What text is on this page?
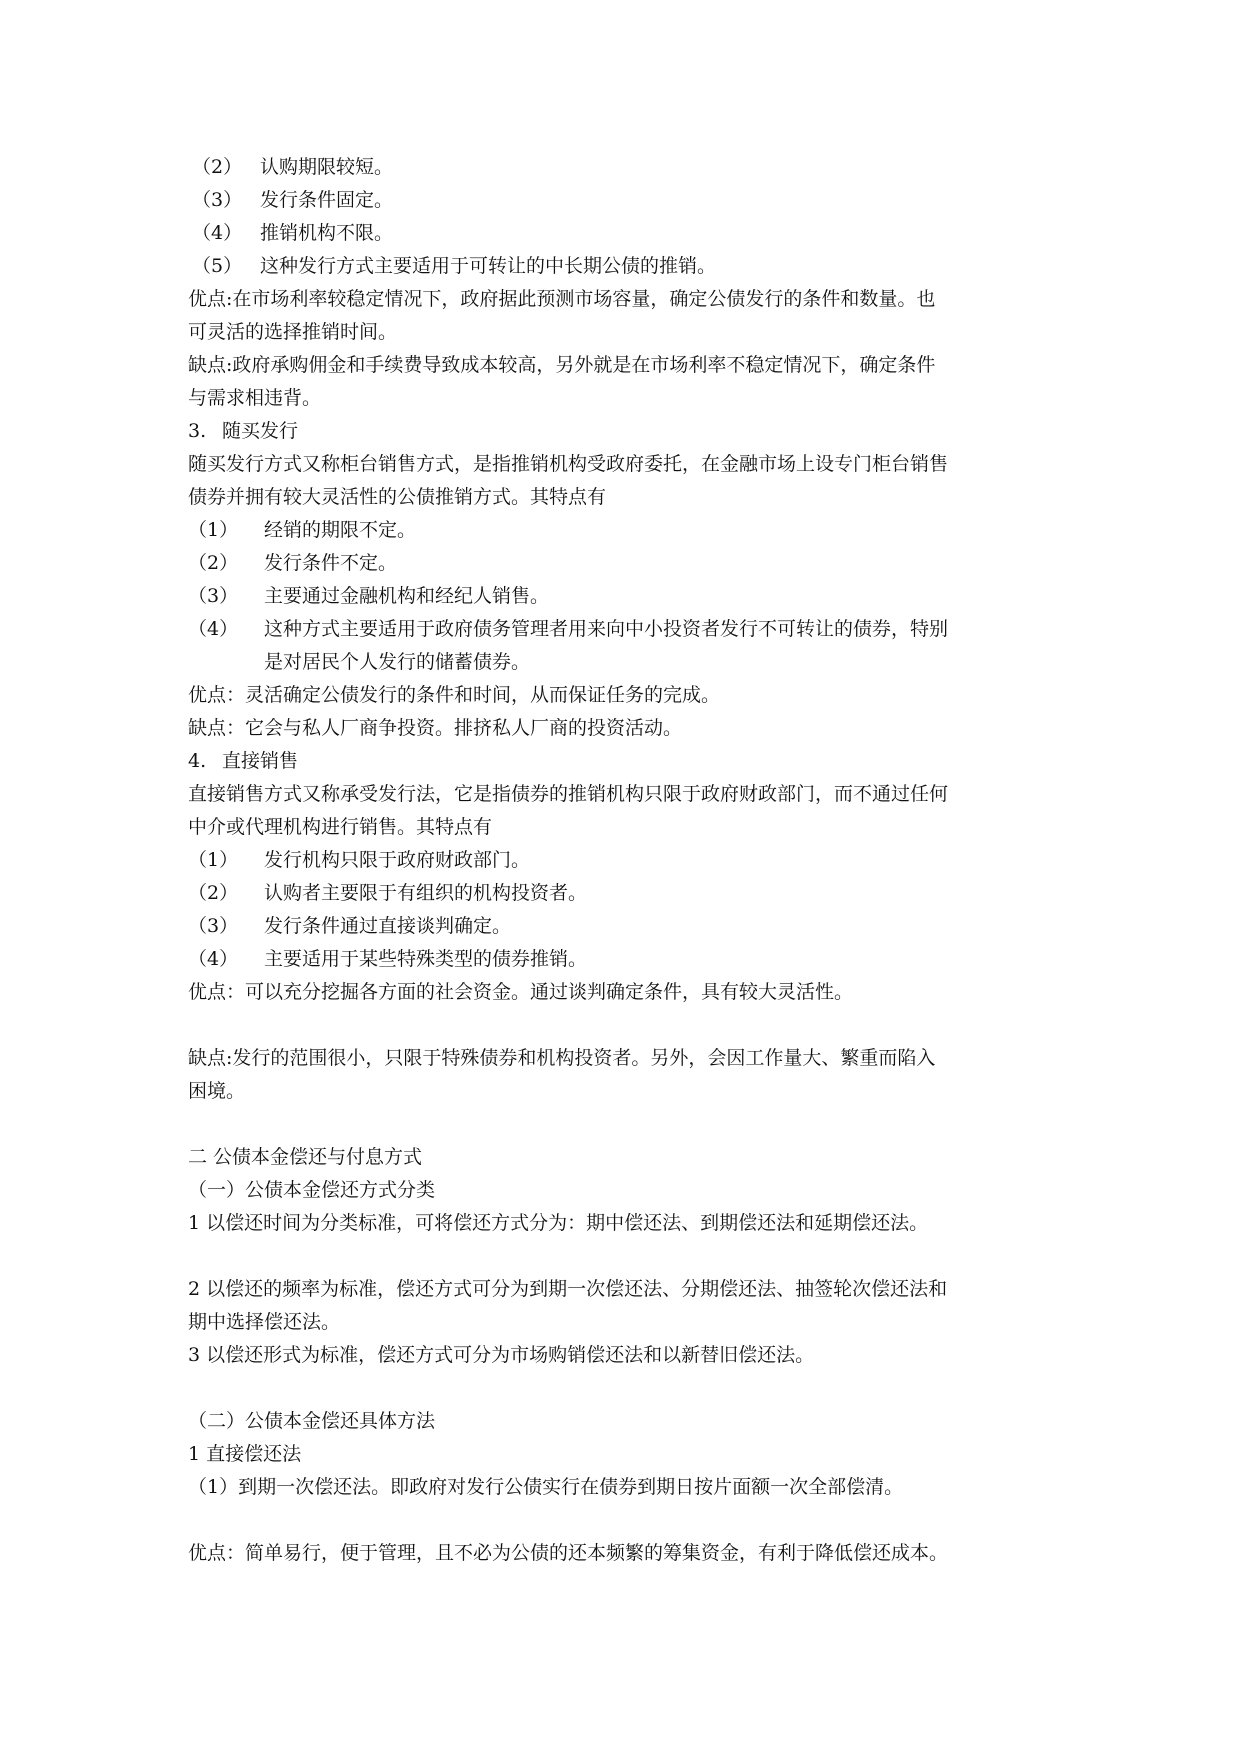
（2） 认购期限较短。
（3） 发行条件固定。
（4） 推销机构不限。
（5） 这种发行方式主要适用于可转让的中长期公债的推销。
优点:在市场利率较稳定情况下，政府据此预测市场容量，确定公债发行的条件和数量。也
可灵活的选择推销时间。
缺点:政府承购佣金和手续费导致成本较高，另外就是在市场利率不稳定情况下，确定条件
与需求相违背。
3. 随买发行
随买发行方式又称柜台销售方式，是指推销机构受政府委托，在金融市场上设专门柜台销售
债券并拥有较大灵活性的公债推销方式。其特点有
（1）	经销的期限不定。
（2）	发行条件不定。
（3）	主要通过金融机构和经纪人销售。
（4）	这种方式主要适用于政府债务管理者用来向中小投资者发行不可转让的债券，特别
是对居民个人发行的储蓄债券。
优点：灵活确定公债发行的条件和时间，从而保证任务的完成。
缺点：它会与私人厂商争投资。排挤私人厂商的投资活动。
4. 直接销售
直接销售方式又称承受发行法，它是指债券的推销机构只限于政府财政部门，而不通过任何
中介或代理机构进行销售。其特点有
（1）	发行机构只限于政府财政部门。
（2）	认购者主要限于有组织的机构投资者。
（3）	发行条件通过直接谈判确定。
（4）	主要适用于某些特殊类型的债券推销。
优点：可以充分挖掘各方面的社会资金。通过谈判确定条件，具有较大灵活性。
缺点:发行的范围很小，只限于特殊债券和机构投资者。另外，会因工作量大、繁重而陷入
困境。
二 公债本金偿还与付息方式
（一）公债本金偿还方式分类
1 以偿还时间为分类标准，可将偿还方式分为：期中偿还法、到期偿还法和延期偿还法。
2 以偿还的频率为标准，偿还方式可分为到期一次偿还法、分期偿还法、抽签轮次偿还法和
期中选择偿还法。
3 以偿还形式为标准，偿还方式可分为市场购销偿还法和以新替旧偿还法。
（二）公债本金偿还具体方法
1 直接偿还法
（1）到期一次偿还法。即政府对发行公债实行在债券到期日按片面额一次全部偿清。
优点：简单易行，便于管理，且不必为公债的还本频繁的筹集资金，有利于降低偿还成本。
